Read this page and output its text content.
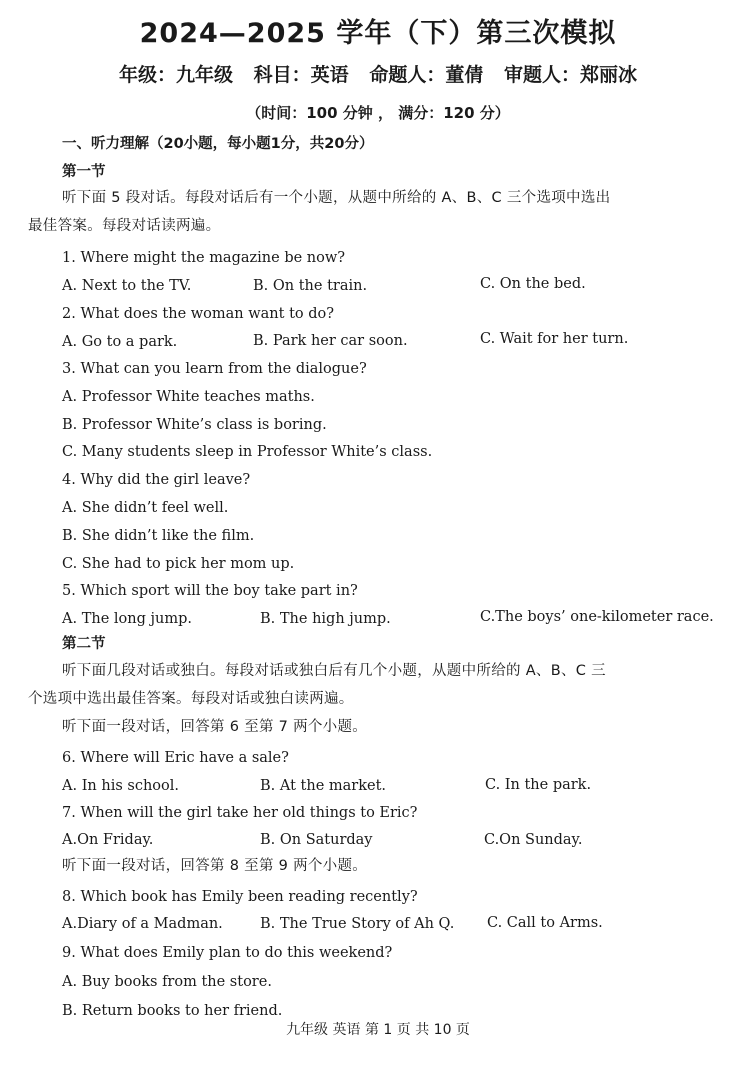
2024—2025 学年（下）第三次模拟
年级：九年级 科目：英语 命题人：董倩 审题人：郑丽冰
（时间：100 分钟 ， 满分：120 分）
一、听力理解（20小题，每小题1分，共20分）
第一节
听下面 5 段对话。每段对话后有一个小题，从题中所给的 A、B、C 三个选项中选出
最佳答案。每段对话读两遍。
1. Where might the magazine be now?
A. Next to the TV.	B. On the train.	C. On the bed.
2. What does the woman want to do?
A. Go to a park.	B. Park her car soon.	C. Wait for her turn.
3. What can you learn from the dialogue?
A. Professor White teaches maths.
B. Professor White’s class is boring.
C. Many students sleep in Professor White’s class.
4. Why did the girl leave?
A. She didn’t feel well.
B. She didn’t like the film.
C. She had to pick her mom up.
5. Which sport will the boy take part in?
A. The long jump.	B. The high jump.	C.The boys’ one-kilometer race.
第二节
听下面几段对话或独白。每段对话或独白后有几个小题，从题中所给的 A、B、C 三
个选项中选出最佳答案。每段对话或独白读两遍。
听下面一段对话，回答第 6 至第 7 两个小题。
6. Where will Eric have a sale?
A. In his school.	B. At the market.	C. In the park.
7. When will the girl take her old things to Eric?
A.On Friday.	B. On Saturday	C.On Sunday.
听下面一段对话，回答第 8 至第 9 两个小题。
8. Which book has Emily been reading recently?
A.Diary of a Madman.	B. The True Story of Ah Q. C. Call to Arms.
9. What does Emily plan to do this weekend?
A. Buy books from the store.
B. Return books to her friend.
九年级 英语 第 1 页 共 10 页
